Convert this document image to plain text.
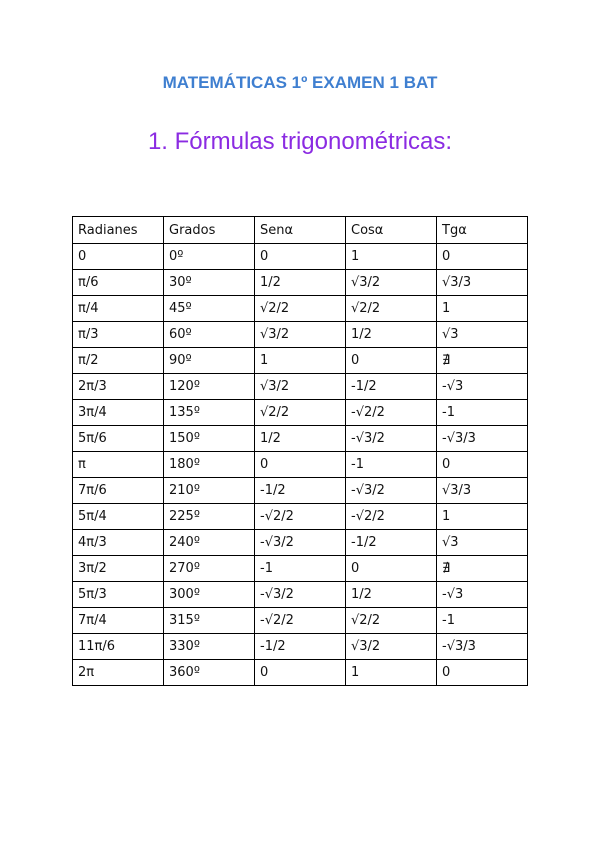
MATEMÁTICAS 1º EXAMEN 1 BAT
1. Fórmulas trigonométricas:
Radianes	Grados	Senα	Cosα	Tgα
0	0º	0	1	0
π/6	30º	1/2	√3/2	√3/3
π/4	45º	√2/2	√2/2	1
π/3	60º	√3/2	1/2	√3
π/2	90º	1	0	∄
2π/3	120º	√3/2	-1/2	-√3
3π/4	135º	√2/2	-√2/2	-1
5π/6	150º	1/2	-√3/2	-√3/3
π	180º	0	-1	0
7π/6	210º	-1/2	-√3/2	√3/3
5π/4	225º	-√2/2	-√2/2	1
4π/3	240º	-√3/2	-1/2	√3
3π/2	270º	-1	0	∄
5π/3	300º	-√3/2	1/2	-√3
7π/4	315º	-√2/2	√2/2	-1
11π/6	330º	-1/2	√3/2	-√3/3
2π	360º	0	1	0
